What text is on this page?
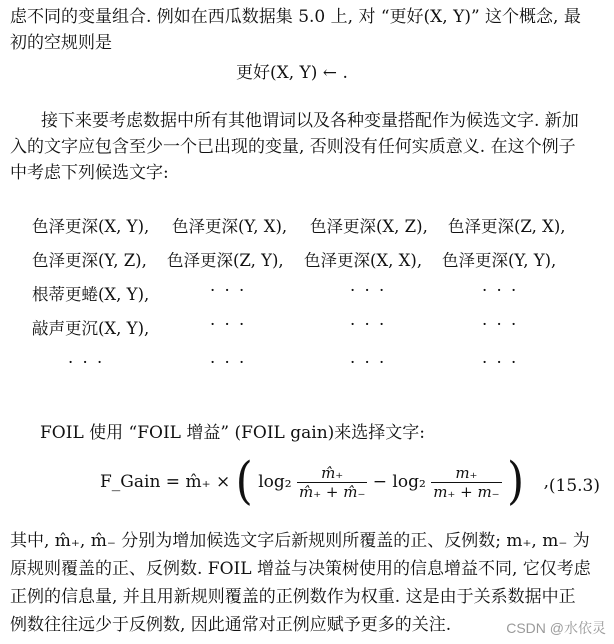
虑不同的变量组合. 例如在西瓜数据集 5.0 上, 对 “更好(X, Y)” 这个概念, 最
初的空规则是
更好(X, Y) ← .
接下来要考虑数据中所有其他谓词以及各种变量搭配作为候选文字. 新加
入的文字应包含至少一个已出现的变量, 否则没有任何实质意义. 在这个例子
中考虑下列候选文字:
色泽更深(X, Y), 色泽更深(Y, X), 色泽更深(X, Z), 色泽更深(Z, X),
色泽更深(Y, Z), 色泽更深(Z, Y), 色泽更深(X, X), 色泽更深(Y, Y),
根蒂更蜷(X, Y),	· · ·	· · ·	· · ·
敲声更沉(X, Y),	· · ·	· · ·	· · ·
· · ·	· · ·	· · ·	· · ·
FOIL 使用 “FOIL 增益” (FOIL gain)来选择文字:
F_Gain = m̂₊ × ( $\log_2 \frac{m̂_+}{m̂_+ + m̂_-} - \log_2 \frac{m_+}{m_+ + m_-}$ ) , (15.3)
其中, m̂₊, m̂₋ 分别为增加候选文字后新规则所覆盖的正、反例数; m₊, m₋ 为
原规则覆盖的正、反例数. FOIL 增益与决策树使用的信息增益不同, 它仅考虑
正例的信息量, 并且用新规则覆盖的正例数作为权重. 这是由于关系数据中正
例数往往远少于反例数, 因此通常对正例应赋予更多的关注.	CSDN @水依灵
